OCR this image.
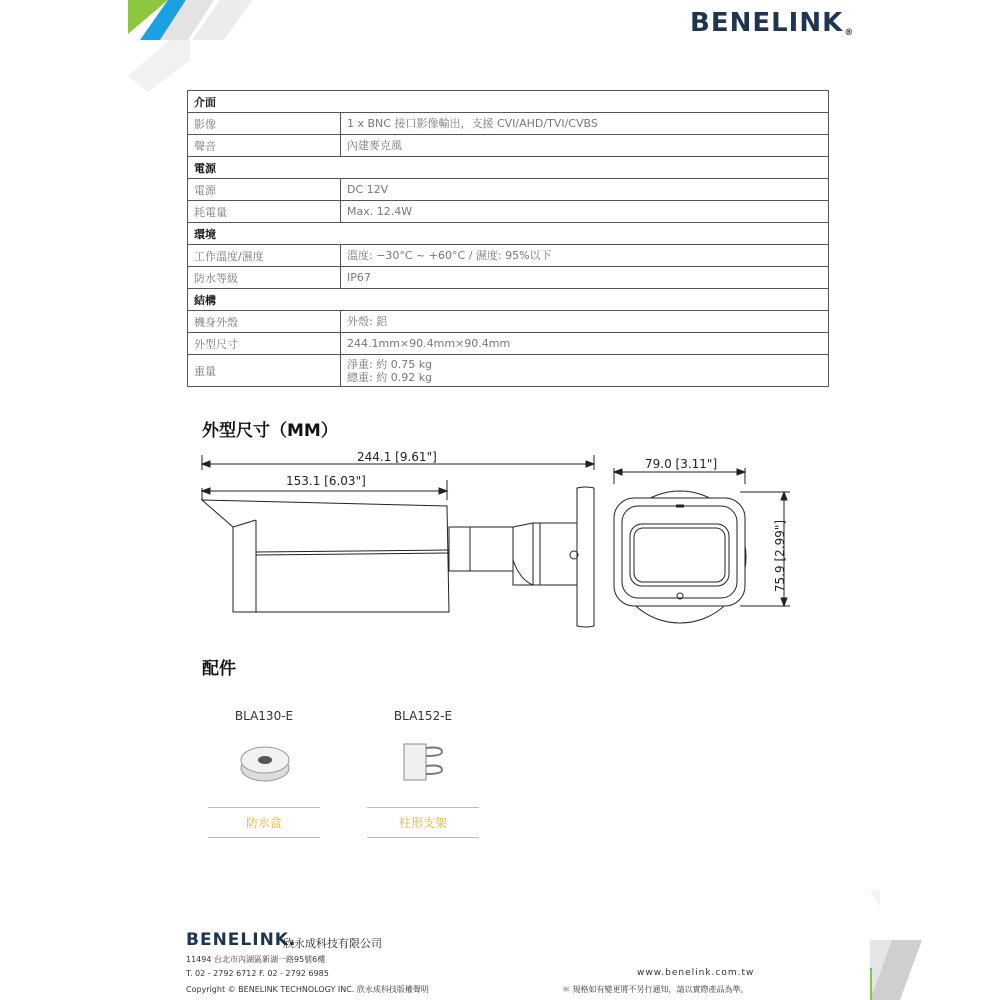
BENELINK®
介面	
影像	1 x BNC 接口影像輸出，支援 CVI/AHD/TVI/CVBS

聲音	內建麥克風

電源	
電源	DC 12V

耗電量	Max. 12.4W

環境	
工作溫度/濕度	溫度: −30°C ~ +60°C / 濕度: 95%以下

防水等級	IP67

結構	
機身外殼	外殼: 鋁

外型尺寸	244.1mm×90.4mm×90.4mm

重量	淨重: 約 0.75 kg
總重: 約 0.92 kg
外型尺寸（MM）
244.1 [9.61"]
153.1 [6.03"]
79.0 [3.11"]
75.9 [2.99"]
配件
BLA130-E
防水盒
BLA152-E
柱形支架
BENELINK.
欣永成科技有限公司
11494 台北市內湖區新湖一路95號6樓
T. 02 - 2792 6712 F. 02 - 2792 6985
Copyright © BENELINK TECHNOLOGY INC. 欣永成科技版權聲明
www.benelink.com.tw
＊ 規格如有變更將不另行通知，請以實際產品為準。
